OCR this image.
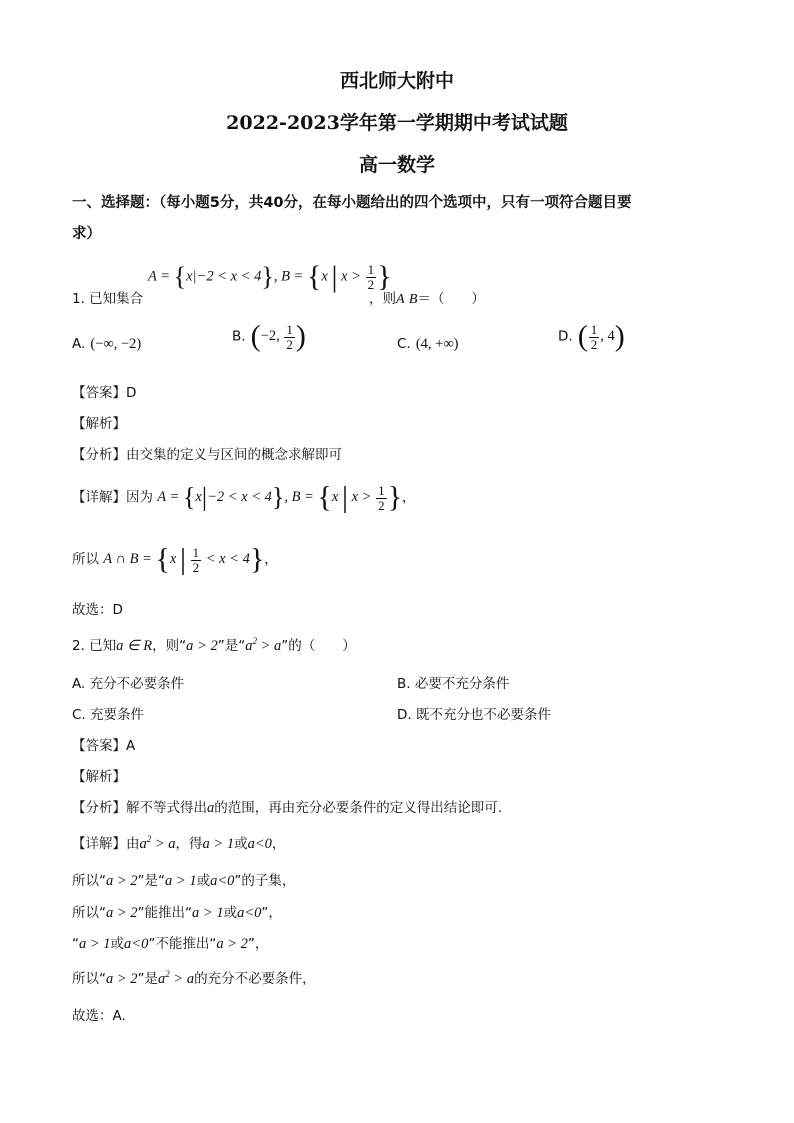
西北师大附中
2022-2023学年第一学期期中考试试题
高一数学
一、选择题：（每小题5分，共40分，在每小题给出的四个选项中，只有一项符合题目要
求）
A = {x|−2 < x < 4}, B = {x | $x > \frac{1}{2}$ }
1. 已知集合	，则A B＝（　　）
A. (−∞, −2)	B. (−2, $\frac{1}{2}$ )	C. (4, +∞)	D. ( $\frac{1}{2}$ , 4)
【答案】D
【解析】
【分析】由交集的定义与区间的概念求解即可
【详解】因为 A = {x|−2 < x < 4}, B = {x | $x > \frac{1}{2}$ }，
所以 A ∩ B = {x | $\frac{1}{2} < x < 4$}，
故选：D
2. 已知a ∈ R，则“a > 2”是“$a^2 > a$”的（　　）
A. 充分不必要条件	B. 必要不充分条件
C. 充要条件	D. 既不充分也不必要条件
【答案】A
【解析】
【分析】解不等式得出a的范围，再由充分必要条件的定义得出结论即可.
【详解】由$a^2 > a$，得a > 1或a<0，
所以“a > 2”是“a > 1或a<0”的子集，
所以“a > 2”能推出“a > 1或a<0”，
“a > 1或a<0”不能推出“a > 2”，
所以“a > 2”是$a^2 > a$的充分不必要条件，
故选：A.
